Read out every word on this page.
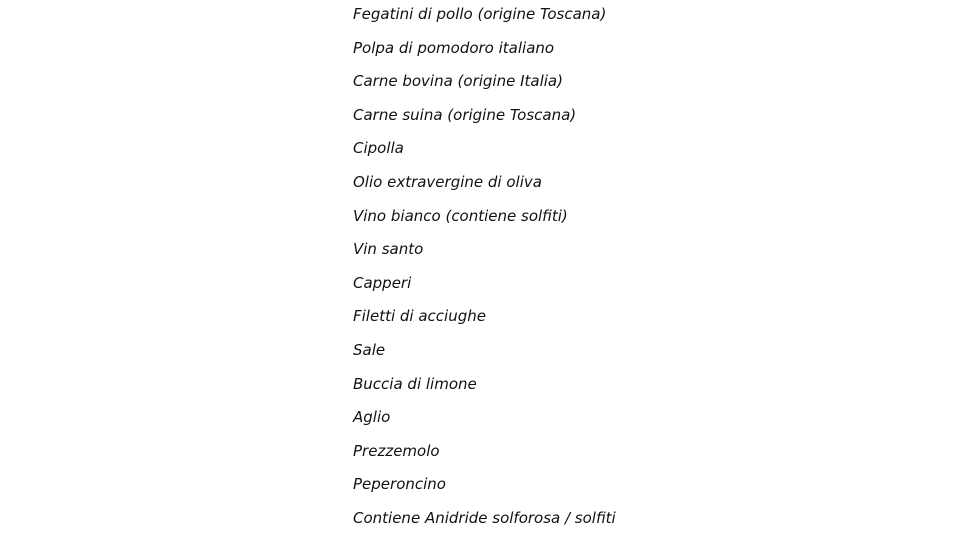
Fegatini di pollo (origine Toscana)
Polpa di pomodoro italiano
Carne bovina (origine Italia)
Carne suina (origine Toscana)
Cipolla
Olio extravergine di oliva
Vino bianco (contiene solfiti)
Vin santo
Capperi
Filetti di acciughe
Sale
Buccia di limone
Aglio
Prezzemolo
Peperoncino
Contiene Anidride solforosa / solfiti
